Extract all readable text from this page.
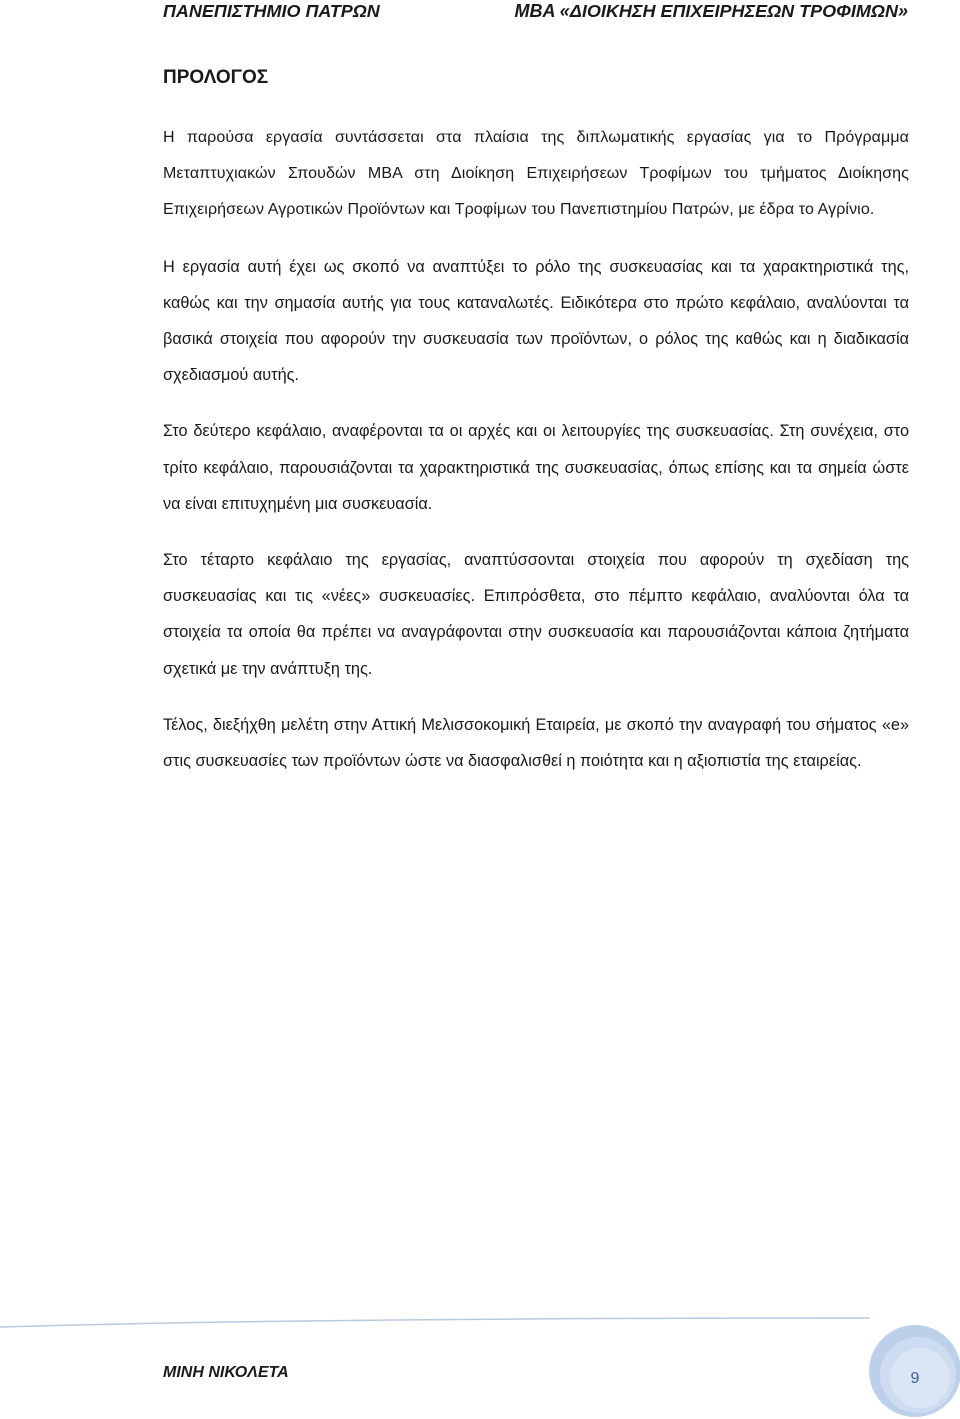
ΠΑΝΕΠΙΣΤΗΜΙΟ ΠΑΤΡΩΝ	MBA «ΔΙΟΙΚΗΣΗ ΕΠΙΧΕΙΡΗΣΕΩΝ ΤΡΟΦΙΜΩΝ»
ΠΡΟΛΟΓΟΣ

Η παρούσα εργασία συντάσσεται στα πλαίσια της διπλωματικής εργασίας για το Πρόγραμμα Μεταπτυχιακών Σπουδών MBA στη Διοίκηση Επιχειρήσεων Τροφίμων του τμήματος Διοίκησης Επιχειρήσεων Αγροτικών Προϊόντων και Τροφίμων του Πανεπιστημίου Πατρών, με έδρα το Αγρίνιο.

Η εργασία αυτή έχει ως σκοπό να αναπτύξει το ρόλο της συσκευασίας και τα χαρακτηριστικά της, καθώς και την σημασία αυτής για τους καταναλωτές. Ειδικότερα στο πρώτο κεφάλαιο, αναλύονται τα βασικά στοιχεία που αφορούν την συσκευασία των προϊόντων, ο ρόλος της καθώς και η διαδικασία σχεδιασμού αυτής.

Στο δεύτερο κεφάλαιο, αναφέρονται τα οι αρχές και οι λειτουργίες της συσκευασίας. Στη συνέχεια, στο τρίτο κεφάλαιο, παρουσιάζονται τα χαρακτηριστικά της συσκευασίας, όπως επίσης και τα σημεία ώστε να είναι επιτυχημένη μια συσκευασία.

Στο τέταρτο κεφάλαιο της εργασίας, αναπτύσσονται στοιχεία που αφορούν τη σχεδίαση της συσκευασίας και τις «νέες» συσκευασίες. Επιπρόσθετα, στο πέμπτο κεφάλαιο, αναλύονται όλα τα στοιχεία τα οποία θα πρέπει να αναγράφονται στην συσκευασία και παρουσιάζονται κάποια ζητήματα σχετικά με την ανάπτυξη της.

Τέλος, διεξήχθη μελέτη στην Αττική Μελισσοκομική Εταιρεία, με σκοπό την αναγραφή του σήματος «e» στις συσκευασίες των προϊόντων ώστε να διασφαλισθεί η ποιότητα και η αξιοπιστία της εταιρείας.

ΜΙΝΗ ΝΙΚΟΛΕΤΑ	9
